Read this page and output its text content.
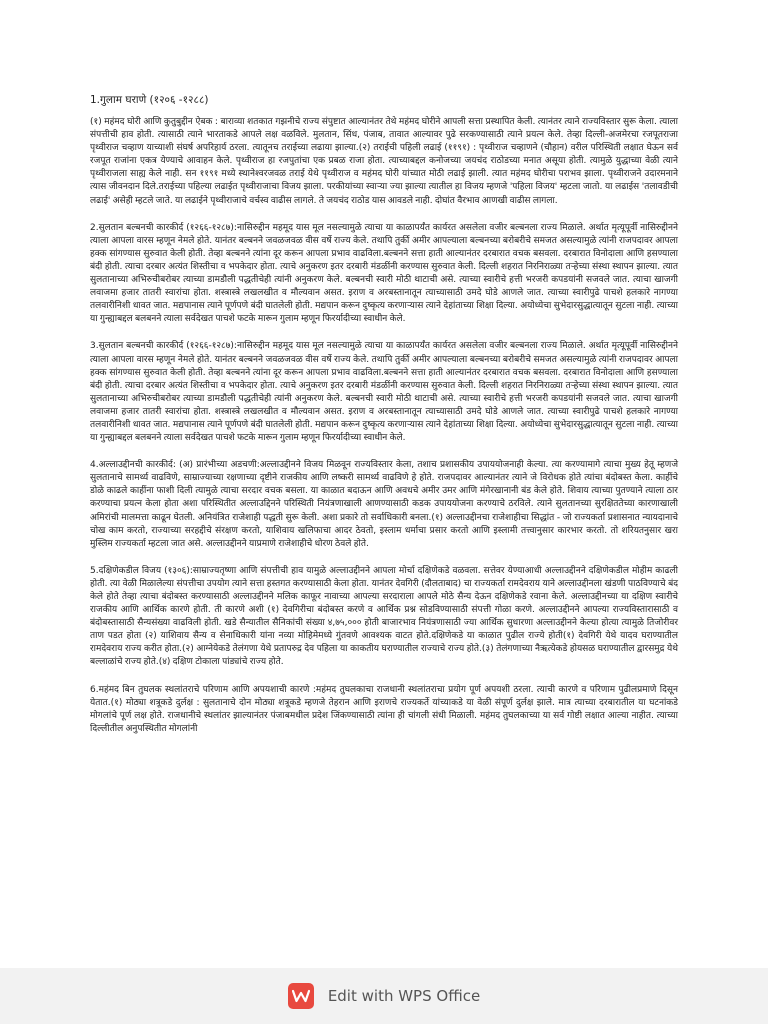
1.गुलाम घराणे (१२०६ -१२८८)

(१) महंमद घोरी आणि कुतुबुद्दीन ऐबक : बाराव्या शतकात गझनीचे राज्य संपुष्टात आल्यानंतर तेथे महंमद घोरीने आपली सत्ता प्रस्थापित केली. त्यानंतर त्याने राज्यविस्तार सुरू केला. त्याला संपत्तीची हाव होती. त्यासाठी त्याने भारताकडे आपले लक्ष वळविले. मुलतान, सिंध, पंजाब, तावात आल्यावर पुढे सरकण्यासाठी त्याने प्रयत्न केले. तेव्हा दिल्ली-अजमेरचा रजपूतराजा पृथ्वीराज चव्हाण याच्याशी संघर्ष अपरिहार्य ठरला. त्यातूनच तराईच्या लढाया झाल्या.(२) तराईची पहिली लढाई (११९१) : पृथ्वीराज चव्हाणने (चौहान) वरील परिस्थिती लक्षात घेऊन सर्व रजपूत राजांना एकत्र येण्याचे आवाहन केले. पृथ्वीराज हा रजपुतांचा एक प्रबळ राजा होता. त्याच्याबद्दल कनोजच्या जयचंद राठोडच्या मनात असूया होती. त्यामुळे युद्धाच्या वेळी त्याने पृथ्वीराजला साह्य केले नाही. सन ११९१ मध्ये स्थानेश्वरजवळ तराई येथे पृथ्वीराज व महंमद घोरी यांच्यात मोठी लढाई झाली. त्यात महंमद घोरीचा पराभव झाला. पृथ्वीराजने उदारमनाने त्यास जीवनदान दिले.तराईच्या पहिल्या लढाईत पृथ्वीराजाचा विजय झाला. परकीयांच्या स्वाऱ्या ज्या झाल्या त्यातील हा विजय म्हणजे 'पहिला विजय' म्हटला जातो. या लढाईस 'तलावडीची लढाई' असेही म्हटले जाते. या लढाईने पृथ्वीराजाचे वर्चस्व वाढीस लागले. ते जयचंद राठोड यास आवडले नाही. दोघांत वैरभाव आणखी वाढीस लागला.

2.सुलतान बल्बनची कारकीर्द (१२६६-१२८७):नासिरुद्दीन महमूद यास मूल नसल्यामुळे त्याचा या काळापर्यंत कार्यरत असलेला वजीर बल्बनला राज्य मिळाले. अर्थात मृत्यूपूर्वी नासिरुद्दीनने त्याला आपला वारस म्हणून नेमले होते. यानंतर बल्बनने जवळजवळ वीस वर्षे राज्य केले. तथापि तुर्की अमीर आपल्याला बल्बनच्या बरोबरीचे समजत असल्यामुळे त्यांनी राजपदावर आपला हक्क सांगण्यास सुरुवात केली होती. तेव्हा बल्बनने त्यांना दूर करून आपला प्रभाव वाढविला.बल्बनने सत्ता हाती आल्यानंतर दरबारात वचक बसवला. दरबारात विनोदाला आणि हसण्याला बंदी होती. त्याचा दरबार अत्यंत शिस्तीचा व भपकेदार होता. त्याचे अनुकरण इतर दरबारी मंडळींनी करण्यास सुरुवात केली. दिल्ली शहरात निरनिराळ्या तऱ्हेच्या संस्था स्थापन झाल्या. त्यात सुलतानाच्या अभिरुचीबरोबर त्याच्या डामडौली पद्धतीचेही त्यांनी अनुकरण केले. बल्बनची स्वारी मोठी थाटाची असे. त्याच्या स्वारीचे हत्ती भरजरी कपडयांनी सजवले जात. त्याचा खाजगी लवाजमा हजार तातरी स्वारांचा होता. शस्त्रास्त्रे लखलखीत व मौल्यवान असत. इराण व अरबस्तानातून त्याच्यासाठी उमदे घोडे आणले जात. त्याच्या स्वारीपुढे पाचशे हलकारे नागण्या तलवारीनिशी धावत जात. मद्यपानास त्याने पूर्णपणे बंदी घातलेली होती. मद्यपान करून दुष्कृत्य करणाऱ्यास त्याने देहांताच्या शिक्षा दिल्या. अयोध्येचा सुभेदारसुद्धात्यातून सुटला नाही. त्याच्या या गुन्ह्याबद्दल बलबनने त्याला सर्वदेखत पाचशे फटके मारून गुलाम म्हणून फिरर्यादीच्या स्वाधीन केले.

3.सुलतान बल्बनची कारकीर्द (१२६६-१२८७):नासिरुद्दीन महमूद यास मूल नसल्यामुळे त्याचा या काळापर्यंत कार्यरत असलेला वजीर बल्बनला राज्य मिळाले. अर्थात मृत्यूपूर्वी नासिरुद्दीनने त्याला आपला वारस म्हणून नेमले होते. यानंतर बल्बनने जवळजवळ वीस वर्षे राज्य केले. तथापि तुर्की अमीर आपल्याला बल्बनच्या बरोबरीचे समजत असल्यामुळे त्यांनी राजपदावर आपला हक्क सांगण्यास सुरुवात केली होती. तेव्हा बल्बनने त्यांना दूर करून आपला प्रभाव वाढविला.बल्बनने सत्ता हाती आल्यानंतर दरबारात वचक बसवला. दरबारात विनोदाला आणि हसण्याला बंदी होती. त्याचा दरबार अत्यंत शिस्तीचा व भपकेदार होता. त्याचे अनुकरण इतर दरबारी मंडळींनी करण्यास सुरुवात केली. दिल्ली शहरात निरनिराळ्या तऱ्हेच्या संस्था स्थापन झाल्या. त्यात सुलतानाच्या अभिरुचीबरोबर त्याच्या डामडौली पद्धतीचेही त्यांनी अनुकरण केले. बल्बनची स्वारी मोठी थाटाची असे. त्याच्या स्वारीचे हत्ती भरजरी कपडयांनी सजवले जात. त्याचा खाजगी लवाजमा हजार तातरी स्वारांचा होता. शस्त्रास्त्रे लखलखीत व मौल्यवान असत. इराण व अरबस्तानातून त्याच्यासाठी उमदे घोडे आणले जात. त्याच्या स्वारीपुढे पाचशे हलकारे नागण्या तलवारीनिशी धावत जात. मद्यपानास त्याने पूर्णपणे बंदी घातलेली होती. मद्यपान करून दुष्कृत्य करणाऱ्यास त्याने देहांताच्या शिक्षा दिल्या. अयोध्येचा सुभेदारसुद्धात्यातून सुटला नाही. त्याच्या या गुन्ह्याबद्दल बलबनने त्याला सर्वदेखत पाचशे फटके मारून गुलाम म्हणून फिरर्यादीच्या स्वाधीन केले.

4.अल्लाउद्दीनची कारकीर्द: (अ) प्रारंभीच्या अडचणी:अल्लाउद्दीनने विजय मिळवून राज्यविस्तार केला, तशाच प्रशासकीय उपाययोजनाही केल्या. त्या करण्यामागे त्याचा मुख्य हेतू म्हणजे सुलतानाचे सामर्थ्य वाढविणे, साम्राज्याच्या रक्षणाच्या दृष्टीने राजकीय आणि लष्करी सामर्थ्य वाढविणे हे होते. राजपदावर आल्यानंतर त्याने जे विरोधक होते त्यांचा बंदोबस्त केला. काहींचे डोळे काढले काहींना फाशी दिली त्यामुळे त्याचा सरदार वचक बसला. या काळात बदाऊन आणि अवधचे अमीर उमर आणि मंगेरखानानी बंड केले होते. शिवाय त्याच्या पुतण्याने त्याला ठार करण्याचा प्रयत्न केला होता अशा परिस्थितीत अल्लाउद्दिनने परिस्थिती नियंत्रणाखाली आणण्यासाठी कडक उपाययोजना करण्याचे ठरविले. त्याने सुलतानच्या सुरक्षिततेच्या कारणाखाली अमिरांची मालमत्ता काढून घेतली. अनियंत्रित राजेशाही पद्धती सुरू केली. अशा प्रकारे तो सर्वाधिकारी बनला.(१) अल्लाउद्दीनचा राजेशाहीचा सिद्धांत - जो राज्यकर्ता प्रशासनात न्यायदानाचे चोख काम करतो, राज्याच्या सरहद्दीचे संरक्षण करतो, याशिवाय खलिफाचा आदर ठेवतो, इस्लाम धर्माचा प्रसार करतो आणि इस्लामी तत्त्वानुसार कारभार करतो. तो शरियतनुसार खरा मुस्लिम राज्यकर्ता म्हटला जात असे. अल्लाउद्दीनने याप्रमाणे राजेशाहीचे धोरण ठेवले होते.

5.दक्षिणेकडील विजय (१३०६):साम्राज्यतृष्णा आणि संपत्तीची हाव यामुळे अल्लाउद्दीनने आपला मोर्चा दक्षिणेकडे वळवला. सत्तेवर येण्याआधी अल्लाउद्दीनने दक्षिणेकडील मोहीम काढली होती. त्या वेळी मिळालेल्या संपत्तीचा उपयोग त्याने सत्ता हस्तगत करण्यासाठी केला होता. यानंतर देवगिरी (दौलताबाद) चा राज्यकर्ता रामदेवराय याने अल्लाउद्दीनला खंडणी पाठविण्याचे बंद केले होते तेव्हा त्याचा बंदोबस्त करण्यासाठी अल्लाउद्दीनने मलिक काफूर नावाच्या आपल्या सरदाराला आपले मोठे सैन्य देऊन दक्षिणेकडे रवाना केले. अल्लाउद्दीनच्या या दक्षिण स्वारीचे राजकीय आणि आर्थिक कारणे होती. ती कारणे अशी (१) देवगिरीचा बंदोबस्त करणे व आर्थिक प्रश्न सोडविण्यासाठी संपत्ती गोळा करणे. अल्लाउद्दीनने आपल्या राज्यविस्तारासाठी व बंदोबस्तासाठी सैन्यसंख्या वाढविली होती. खडे सैन्यातील सैनिकांची संख्या ४,७५,००० होती बाजारभाव नियंत्रणासाठी ज्या आर्थिक सुधारणा अल्लाउद्दीनने केल्या होत्या त्यामुळे तिजोरीवर ताण पडत होता (२) याशिवाय सैन्य व सेनाधिकारी यांना नव्या मोहिमेमध्ये गुंतवणे आवश्यक वाटत होते.दक्षिणेकडे या काळात पुढील राज्ये होती(१) देवगिरी येथे यादव घराण्यातील रामदेवराय राज्य करीत होता.(२) आग्नेयेकडे तेलंगणा येथे प्रतापरुद्र देव पहिला या काकतीय घराण्यातील राज्याचे राज्य होते.(३) तेलंगणाच्या नैऋत्येकडे होयसळ घराण्यातील द्वारसमुद्र येथे बल्लाळांचे राज्य होते.(४) दक्षिण टोकाला पांड्यांचे राज्य होते.

6.महंमद बिन तुघलक स्थलांतराचे परिणाम आणि अपयशाची कारणे :महंमद तुघलकाचा राजधानी स्थलांतराचा प्रयोग पूर्ण अपयशी ठरला. त्याची कारणे व परिणाम पुढीलप्रमाणे दिसून येतात.(१) मोठ्या शत्रूकडे दुर्लक्ष : सुलतानाचे दोन मोठ्या शत्रूकडे म्हणजे तेहरान आणि इराणचे राज्यकर्ते यांच्याकडे या वेळी संपूर्ण दुर्लक्ष झाले. मात्र त्याच्या दरबारातील या घटनांकडे मोगलांचे पूर्ण लक्ष होते. राजधानीचे स्थलांतर झाल्यानंतर पंजाबमधील प्रदेश जिंकण्यासाठी त्यांना ही चांगली संधी मिळाली. महंमद तुघलकाच्या या सर्व गोष्टी लक्षात आल्या नाहीत. त्याच्या दिल्लीतील अनुपस्थितीत मोगलांनी

Edit with WPS Office
